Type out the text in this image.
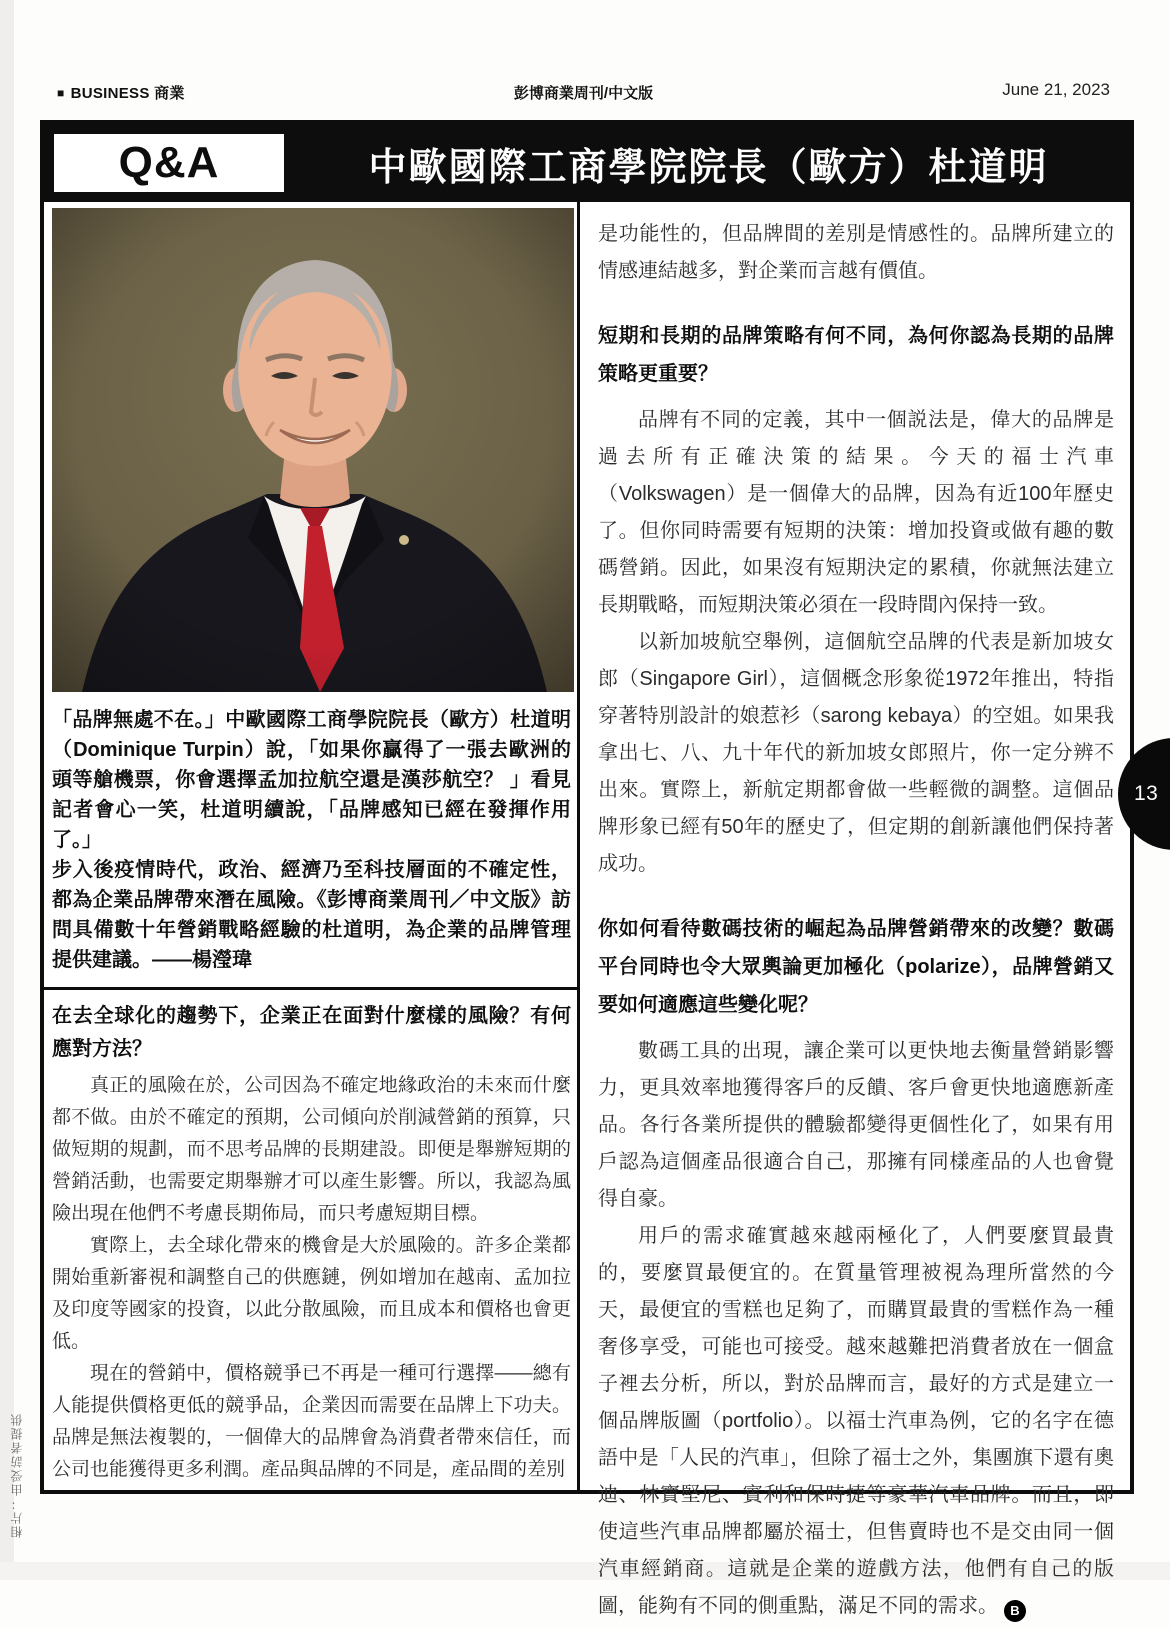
■ BUSINESS 商業	彭博商業周刊/中文版	June 21, 2023
Q&A	中歐國際工商學院院長（歐方）杜道明

「品牌無處不在。」中歐國際工商學院院長（歐方）杜道明（Dominique Turpin）說，「如果你贏得了一張去歐洲的頭等艙機票，你會選擇孟加拉航空還是漢莎航空？ 」看見記者會心一笑，杜道明續說，「品牌感知已經在發揮作用了。」

步入後疫情時代，政治、經濟乃至科技層面的不確定性，都為企業品牌帶來潛在風險。《彭博商業周刊／中文版》訪問具備數十年營銷戰略經驗的杜道明，為企業的品牌管理提供建議。——楊瀅瑋

在去全球化的趨勢下，企業正在面對什麼樣的風險？有何應對方法？

真正的風險在於，公司因為不確定地緣政治的未來而什麼都不做。由於不確定的預期，公司傾向於削減營銷的預算，只做短期的規劃，而不思考品牌的長期建設。即便是舉辦短期的營銷活動，也需要定期舉辦才可以產生影響。所以，我認為風險出現在他們不考慮長期佈局，而只考慮短期目標。

實際上，去全球化帶來的機會是大於風險的。許多企業都開始重新審視和調整自己的供應鏈，例如增加在越南、孟加拉及印度等國家的投資，以此分散風險，而且成本和價格也會更低。

現在的營銷中，價格競爭已不再是一種可行選擇——總有人能提供價格更低的競爭品，企業因而需要在品牌上下功夫。品牌是無法複製的，一個偉大的品牌會為消費者帶來信任，而公司也能獲得更多利潤。產品與品牌的不同是，產品間的差別

是功能性的，但品牌間的差別是情感性的。品牌所建立的情感連結越多，對企業而言越有價值。

短期和長期的品牌策略有何不同，為何你認為長期的品牌策略更重要？

品牌有不同的定義，其中一個説法是，偉大的品牌是過去所有正確決策的結果。今天的福士汽車（Volkswagen）是一個偉大的品牌，因為有近100年歷史了。但你同時需要有短期的決策：增加投資或做有趣的數碼營銷。因此，如果沒有短期決定的累積，你就無法建立長期戰略，而短期決策必須在一段時間內保持一致。

以新加坡航空舉例，這個航空品牌的代表是新加坡女郎（Singapore Girl），這個概念形象從1972年推出，特指穿著特別設計的娘惹衫（sarong kebaya）的空姐。如果我拿出七、八、九十年代的新加坡女郎照片，你一定分辨不出來。實際上，新航定期都會做一些輕微的調整。這個品牌形象已經有50年的歷史了，但定期的創新讓他們保持著成功。

你如何看待數碼技術的崛起為品牌營銷帶來的改變？數碼平台同時也令大眾輿論更加極化（polarize），品牌營銷又要如何適應這些變化呢？

數碼工具的出現，讓企業可以更快地去衡量營銷影響力，更具效率地獲得客戶的反饋、客戶會更快地適應新產品。各行各業所提供的體驗都變得更個性化了，如果有用戶認為這個產品很適合自己，那擁有同樣產品的人也會覺得自豪。

用戶的需求確實越來越兩極化了，人們要麼買最貴的，要麼買最便宜的。在質量管理被視為理所當然的今天，最便宜的雪糕也足夠了，而購買最貴的雪糕作為一種奢侈享受，可能也可接受。越來越難把消費者放在一個盒子裡去分析，所以，對於品牌而言，最好的方式是建立一個品牌版圖（portfolio）。以福士汽車為例，它的名字在德語中是「人民的汽車」，但除了福士之外，集團旗下還有奧迪、林寶堅尼、賓利和保時捷等豪華汽車品牌。而且，即使這些汽車品牌都屬於福士，但售賣時也不是交由同一個汽車經銷商。這就是企業的遊戲方法，他們有自己的版圖，能夠有不同的側重點，滿足不同的需求。 B

13
相片：由受訪者提供
